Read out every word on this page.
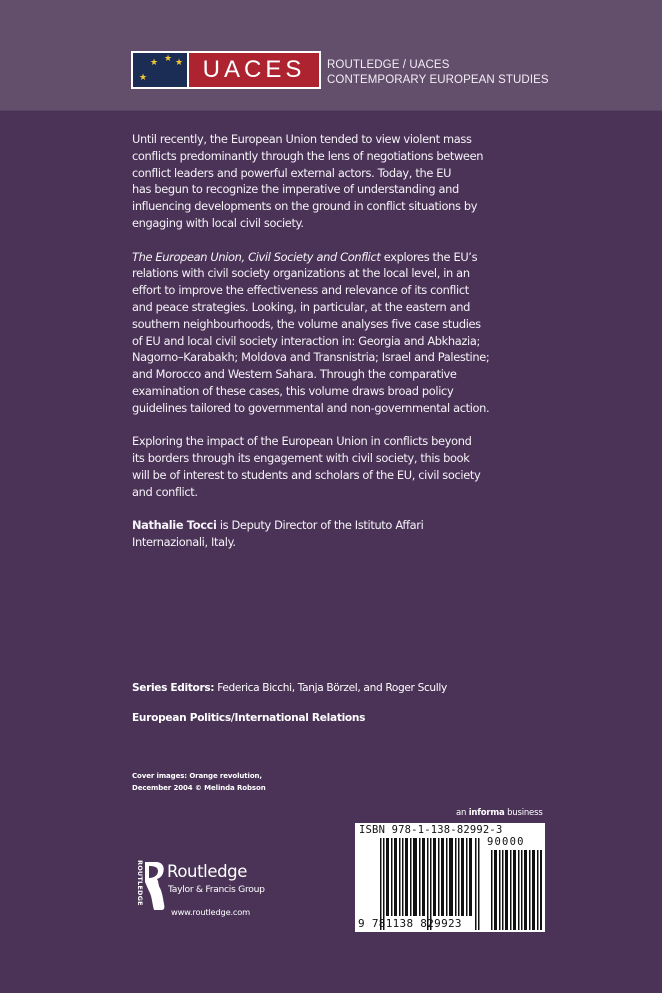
★ ★ ★
★	UACES	ROUTLEDGE / UACES
CONTEMPORARY EUROPEAN STUDIES

Until recently, the European Union tended to view violent mass
conflicts predominantly through the lens of negotiations between
conflict leaders and powerful external actors. Today, the EU
has begun to recognize the imperative of understanding and
influencing developments on the ground in conflict situations by
engaging with local civil society.

The European Union, Civil Society and Conflict explores the EU’s
relations with civil society organizations at the local level, in an
effort to improve the effectiveness and relevance of its conflict
and peace strategies. Looking, in particular, at the eastern and
southern neighbourhoods, the volume analyses five case studies
of EU and local civil society interaction in: Georgia and Abkhazia;
Nagorno–Karabakh; Moldova and Transnistria; Israel and Palestine;
and Morocco and Western Sahara. Through the comparative
examination of these cases, this volume draws broad policy
guidelines tailored to governmental and non-governmental action.

Exploring the impact of the European Union in conflicts beyond
its borders through its engagement with civil society, this book
will be of interest to students and scholars of the EU, civil society
and conflict.

Nathalie Tocci is Deputy Director of the Istituto Affari
Internazionali, Italy.

Series Editors: Federica Bicchi, Tanja Börzel, and Roger Scully
European Politics/International Relations
Cover images: Orange revolution,
December 2004 © Melinda Robson
an informa business
ROUTLEDGE Routledge
Taylor & Francis Group
www.routledge.com
ISBN 978-1-138-82992-3
90000
9 781138 829923
